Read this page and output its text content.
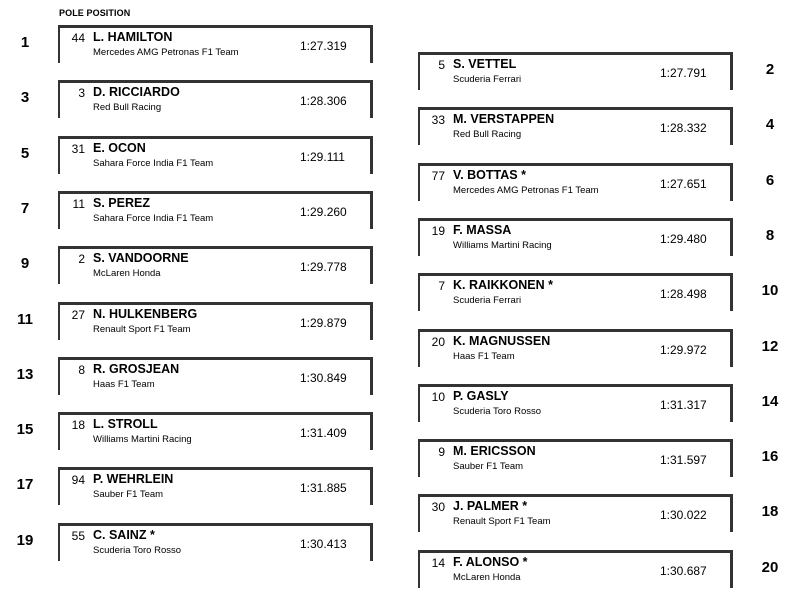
POLE POSITION
1	44 L. HAMILTON
Mercedes AMG Petronas F1 Team	1:27.319
2
5 S. VETTEL
Scuderia Ferrari	1:27.791
3	3 D. RICCIARDO
Red Bull Racing	1:28.306
4
33 M. VERSTAPPEN
Red Bull Racing	1:28.332
5	31 E. OCON
Sahara Force India F1 Team	1:29.111
6
77 V. BOTTAS *
Mercedes AMG Petronas F1 Team	1:27.651
7	11 S. PEREZ
Sahara Force India F1 Team	1:29.260
8
19 F. MASSA
Williams Martini Racing	1:29.480
9	2 S. VANDOORNE
McLaren Honda	1:29.778
10
7 K. RAIKKONEN *
Scuderia Ferrari	1:28.498
11	27 N. HULKENBERG
Renault Sport F1 Team	1:29.879
12
20 K. MAGNUSSEN
Haas F1 Team	1:29.972
13	8 R. GROSJEAN
Haas F1 Team	1:30.849
14
10 P. GASLY
Scuderia Toro Rosso	1:31.317
15	18 L. STROLL
Williams Martini Racing	1:31.409
16
9 M. ERICSSON
Sauber F1 Team	1:31.597
17	94 P. WEHRLEIN
Sauber F1 Team	1:31.885
18
30 J. PALMER *
Renault Sport F1 Team	1:30.022
19	55 C. SAINZ *
Scuderia Toro Rosso	1:30.413
20
14 F. ALONSO *
McLaren Honda	1:30.687
